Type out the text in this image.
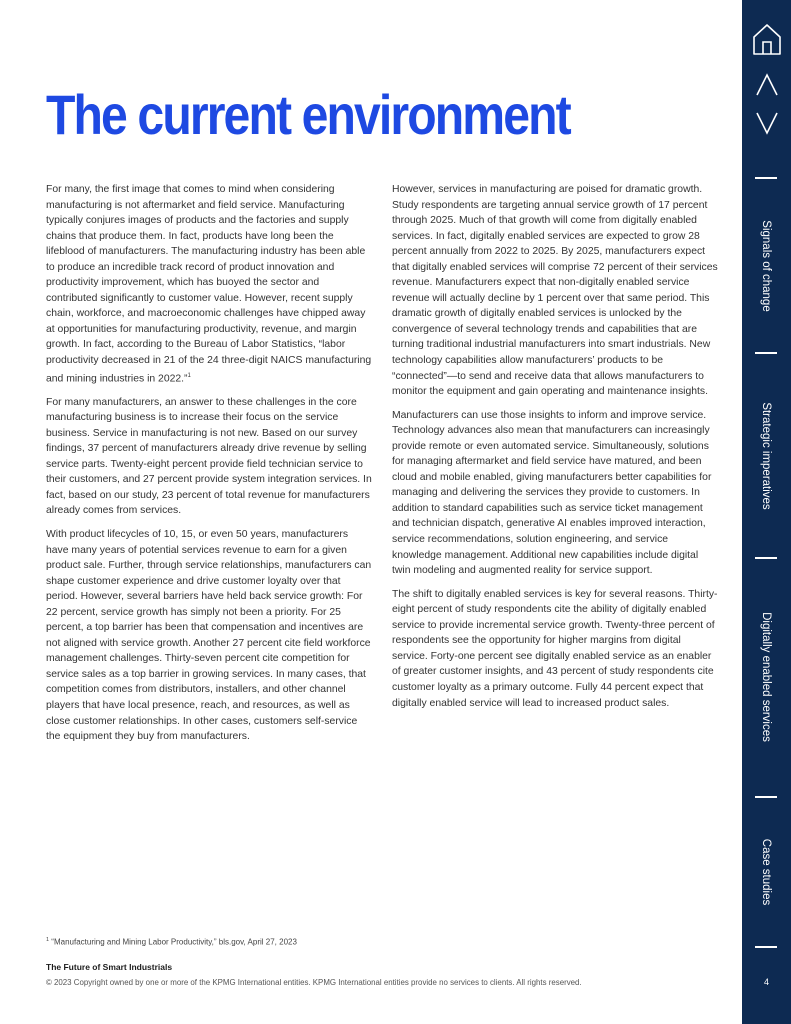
The current environment

For many, the first image that comes to mind when considering manufacturing is not aftermarket and field service. Manufacturing typically conjures images of products and the factories and supply chains that produce them. In fact, products have long been the lifeblood of manufacturers. The manufacturing industry has been able to produce an incredible track record of product innovation and productivity improvement, which has buoyed the sector and contributed significantly to customer value. However, recent supply chain, workforce, and macroeconomic challenges have chipped away at opportunities for manufacturing productivity, revenue, and margin growth. In fact, according to the Bureau of Labor Statistics, “labor productivity decreased in 21 of the 24 three-digit NAICS manufacturing and mining industries in 2022.”$^1$

For many manufacturers, an answer to these challenges in the core manufacturing business is to increase their focus on the service business. Service in manufacturing is not new. Based on our survey findings, 37 percent of manufacturers already drive revenue by selling service parts. Twenty-eight percent provide field technician service to their customers, and 27 percent provide system integration services. In fact, based on our study, 23 percent of total revenue for manufacturers already comes from services.

With product lifecycles of 10, 15, or even 50 years, manufacturers have many years of potential services revenue to earn for a given product sale. Further, through service relationships, manufacturers can shape customer experience and drive customer loyalty over that period. However, several barriers have held back service growth: For 22 percent, service growth has simply not been a priority. For 25 percent, a top barrier has been that compensation and incentives are not aligned with service growth. Another 27 percent cite field workforce management challenges. Thirty-seven percent cite competition for service sales as a top barrier in growing services. In many cases, that competition comes from distributors, installers, and other channel players that have local presence, reach, and resources, as well as close customer relationships. In other cases, customers self-service the equipment they buy from manufacturers.

However, services in manufacturing are poised for dramatic growth. Study respondents are targeting annual service growth of 17 percent through 2025. Much of that growth will come from digitally enabled services. In fact, digitally enabled services are expected to grow 28 percent annually from 2022 to 2025. By 2025, manufacturers expect that digitally enabled services will comprise 72 percent of their services revenue. Manufacturers expect that non-digitally enabled service revenue will actually decline by 1 percent over that same period. This dramatic growth of digitally enabled services is unlocked by the convergence of several technology trends and capabilities that are turning traditional industrial manufacturers into smart industrials. New technology capabilities allow manufacturers’ products to be “connected”—to send and receive data that allows manufacturers to monitor the equipment and gain operating and maintenance insights.

Manufacturers can use those insights to inform and improve service. Technology advances also mean that manufacturers can increasingly provide remote or even automated service. Simultaneously, solutions for managing aftermarket and field service have matured, and been cloud and mobile enabled, giving manufacturers better capabilities for managing and delivering the services they provide to customers. In addition to standard capabilities such as service ticket management and technician dispatch, generative AI enables improved interaction, service recommendations, solution engineering, and service knowledge management. Additional new capabilities include digital twin modeling and augmented reality for service support.

The shift to digitally enabled services is key for several reasons. Thirty-eight percent of study respondents cite the ability of digitally enabled service to provide incremental service growth. Twenty-three percent of respondents see the opportunity for higher margins from digital service. Forty-one percent see digitally enabled service as an enabler of greater customer insights, and 43 percent of study respondents cite customer loyalty as a primary outcome. Fully 44 percent expect that digitally enabled service will lead to increased product sales.

$^1$ “Manufacturing and Mining Labor Productivity,” bls.gov, April 27, 2023
The Future of Smart Industrials
© 2023 Copyright owned by one or more of the KPMG International entities. KPMG International entities provide no services to clients. All rights reserved.
Signals of change
Strategic imperatives
Digitally enabled services
Case studies
4
